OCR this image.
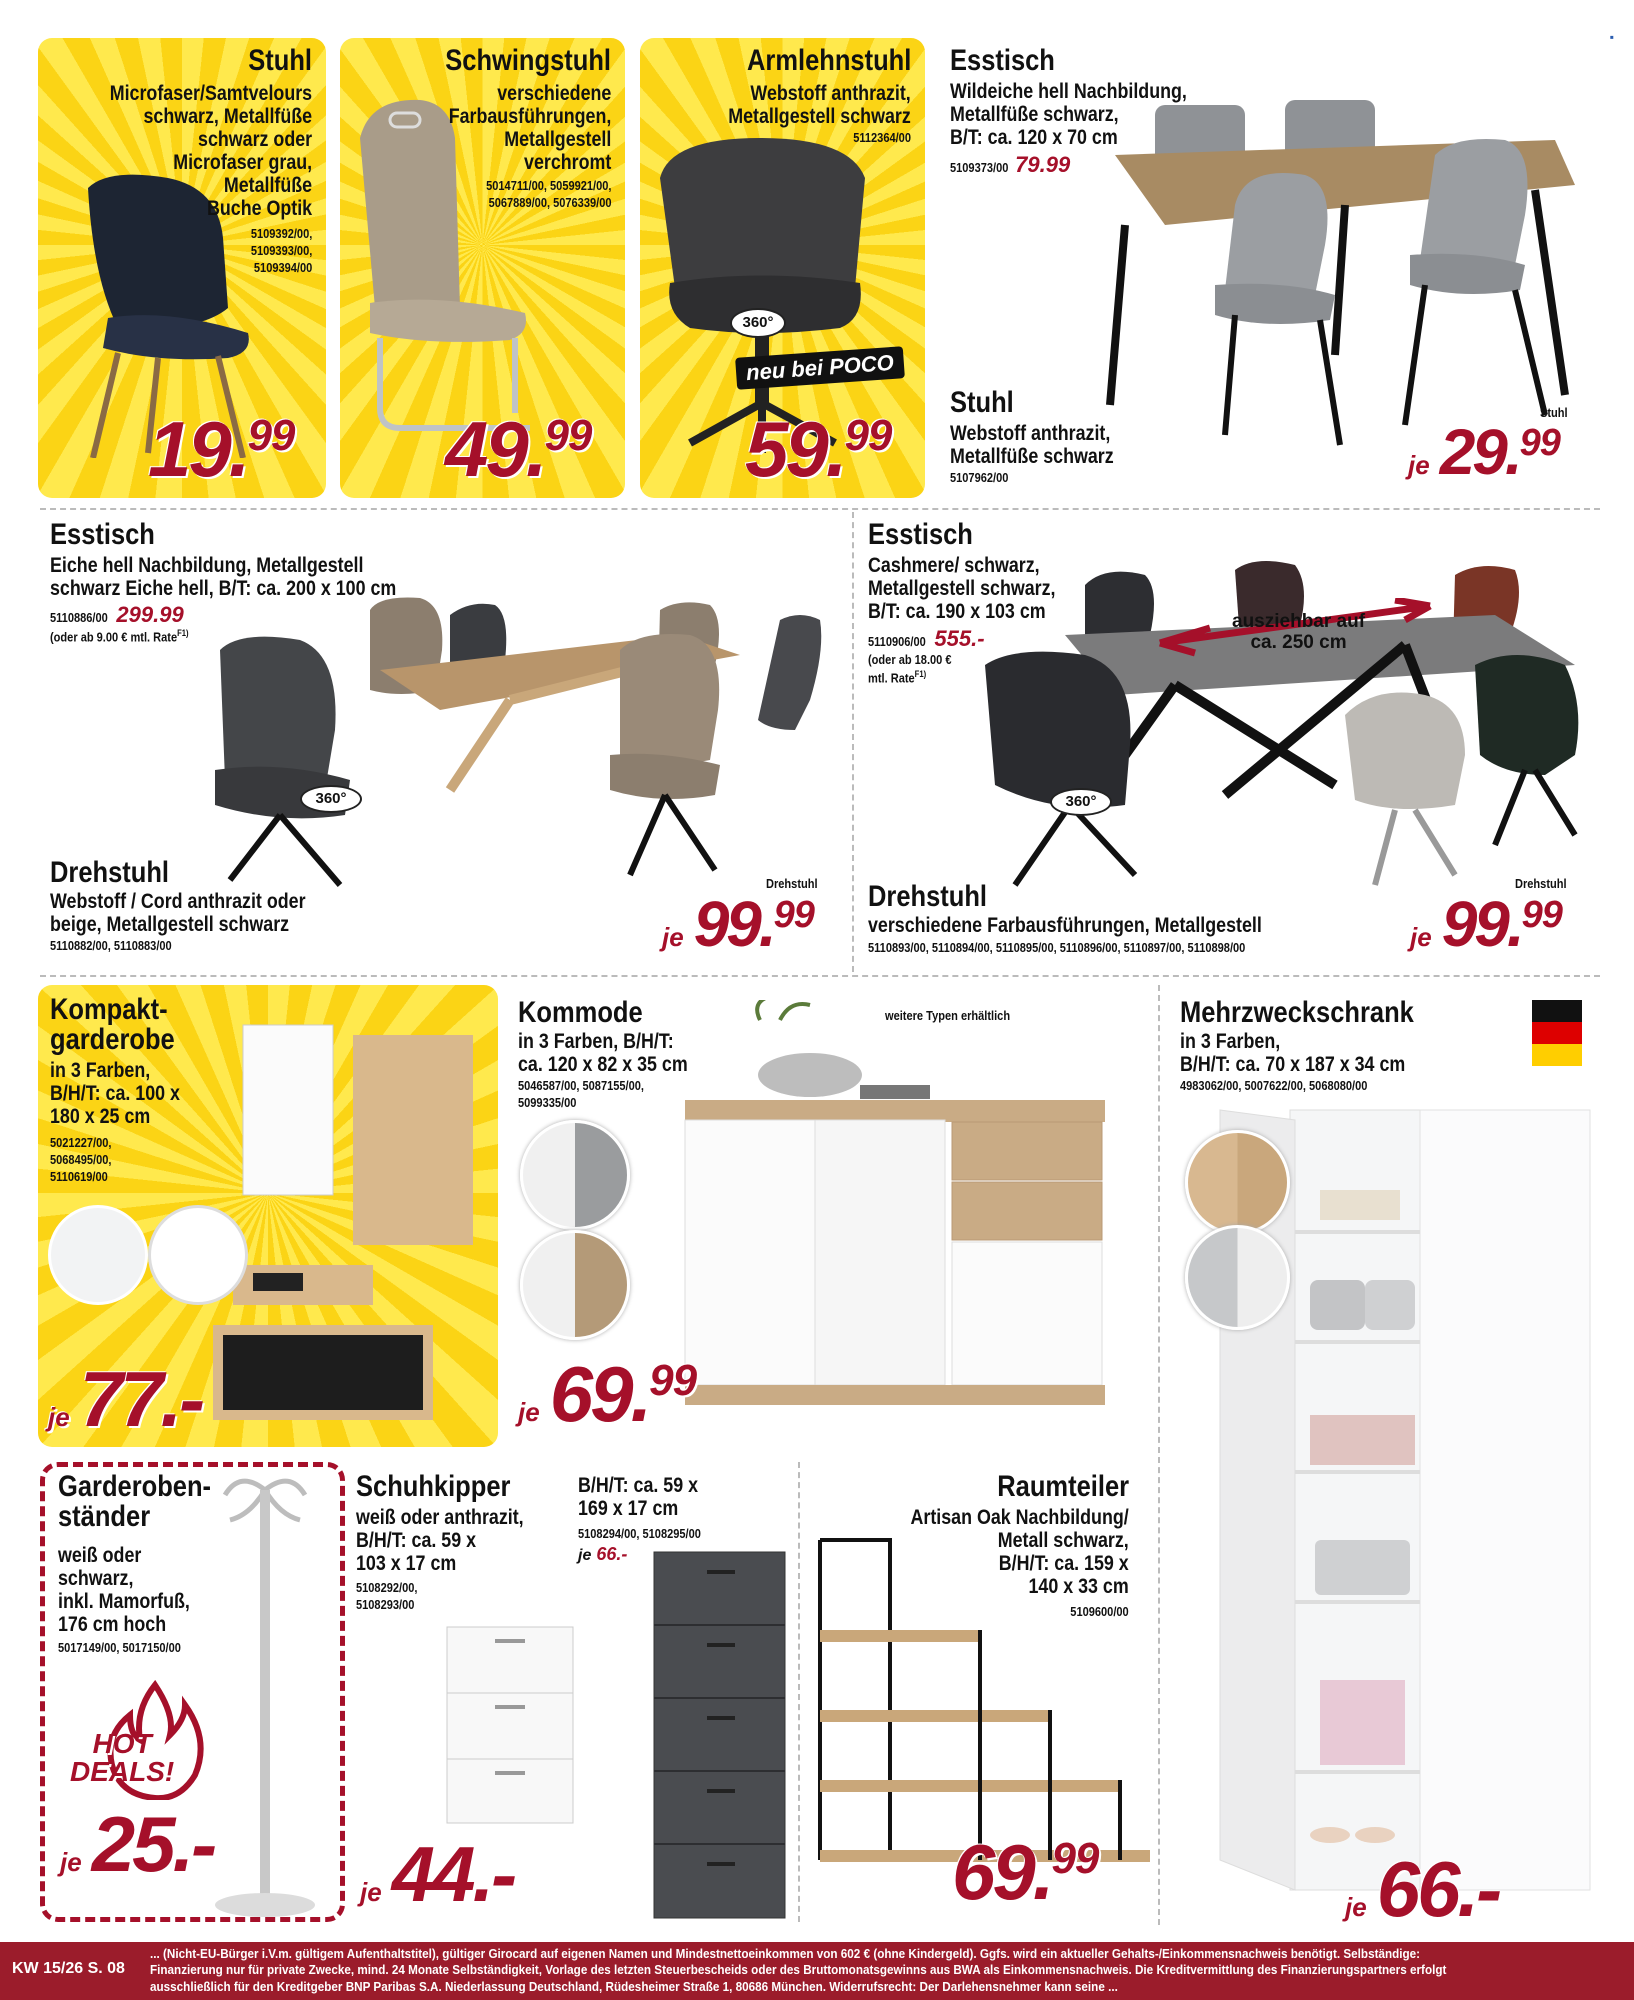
Stuhl
Microfaser/Samtvelours
schwarz, Metallfüße
schwarz oder
Microfaser grau,
Metallfüße
Buche Optik
5109392/00,
5109393/00,
5109394/00
19.99
Schwingstuhl
verschiedene
Farbausführungen,
Metallgestell
verchromt
5014711/00, 5059921/00,
5067889/00, 5076339/00
49.99
360°
neu bei POCO
Armlehnstuhl
Webstoff anthrazit,
Metallgestell schwarz
5112364/00
59.99
Esstisch
Wildeiche hell Nachbildung,
Metallfüße schwarz,
B/T: ca. 120 x 70 cm
5109373/00 79.99
Stuhl
Webstoff anthrazit,
Metallfüße schwarz
5107962/00
Stuhl
je 29.99
Esstisch
Eiche hell Nachbildung, Metallgestell
schwarz Eiche hell, B/T: ca. 200 x 100 cm
5110886/00 299.99
(oder ab 9.00 € mtl. Rate$^{F1)}$
360°
Drehstuhl
Webstoff / Cord anthrazit oder
beige, Metallgestell schwarz
5110882/00, 5110883/00
Drehstuhl
je 99.99
Esstisch
Cashmere/ schwarz,
Metallgestell schwarz,
B/T: ca. 190 x 103 cm
5110906/00 555.-
(oder ab 18.00 €
mtl. Rate$^{F1)}$
ausziehbar auf
ca. 250 cm
360°
Drehstuhl
verschiedene Farbausführungen, Metallgestell
5110893/00, 5110894/00, 5110895/00, 5110896/00, 5110897/00, 5110898/00
Drehstuhl
je 99.99
Kompakt-
garderobe
in 3 Farben,
B/H/T: ca. 100 x
180 x 25 cm
5021227/00,
5068495/00,
5110619/00
je 77.-
Kommode
in 3 Farben, B/H/T:
ca. 120 x 82 x 35 cm
5046587/00, 5087155/00,
5099335/00
weitere Typen erhältlich
je 69.99
Mehrzweckschrank
in 3 Farben,
B/H/T: ca. 70 x 187 x 34 cm
4983062/00, 5007622/00, 5068080/00
je 66.-
Garderoben-
ständer
weiß oder
schwarz,
inkl. Mamorfuß,
176 cm hoch
5017149/00, 5017150/00
HOT
DEALS!
je 25.-
Schuhkipper
weiß oder anthrazit,
B/H/T: ca. 59 x
103 x 17 cm
5108292/00,
5108293/00
B/H/T: ca. 59 x
169 x 17 cm
5108294/00, 5108295/00
je 66.-
je 44.-
Raumteiler
Artisan Oak Nachbildung/
Metall schwarz,
B/H/T: ca. 159 x
140 x 33 cm
5109600/00
69.99
▪
KW 15/26 S. 08
... (Nicht-EU-Bürger i.V.m. gültigem Aufenthaltstitel), gültiger Girocard auf eigenen Namen und Mindestnettoeinkommen von 602 € (ohne Kindergeld). Ggfs. wird ein aktueller Gehalts-/Einkommensnachweis benötigt. Selbständige: Finanzierung nur für private Zwecke, mind. 24 Monate Selbständigkeit, Vorlage des letzten Steuerbescheids oder des Bruttomonatsgewinns aus BWA als Einkommensnachweis. Die Kreditvermittlung des Finanzierungspartners erfolgt ausschließlich für den Kreditgeber BNP Paribas S.A. Niederlassung Deutschland, Rüdesheimer Straße 1, 80686 München. Widerrufsrecht: Der Darlehensnehmer kann seine ...
